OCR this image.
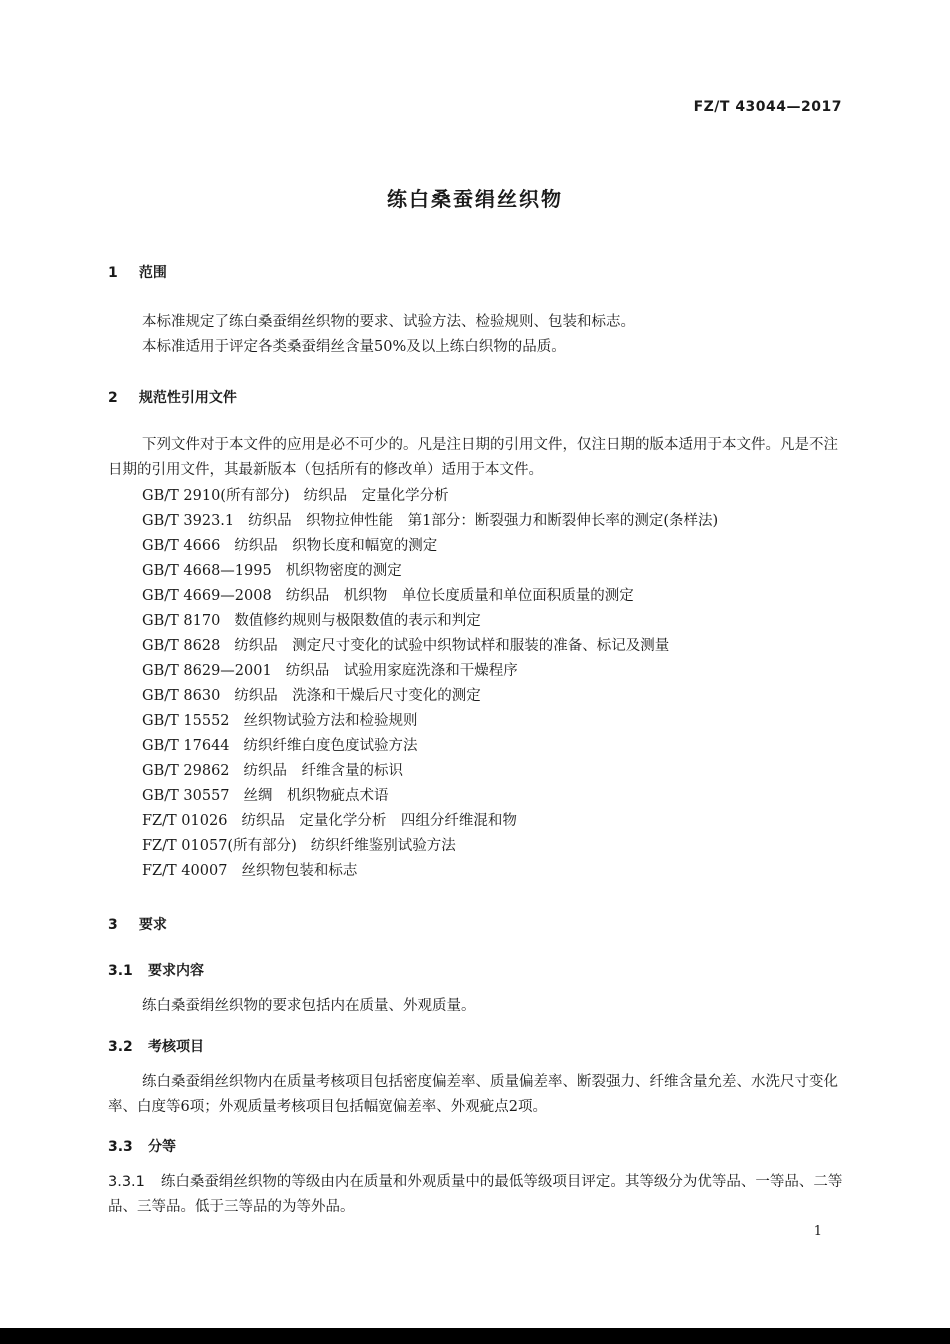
FZ/T 43044—2017

练白桑蚕绢丝织物
1 范围

本标准规定了练白桑蚕绢丝织物的要求、试验方法、检验规则、包装和标志。

本标准适用于评定各类桑蚕绢丝含量50%及以上练白织物的品质。

2 规范性引用文件

下列文件对于本文件的应用是必不可少的。凡是注日期的引用文件，仅注日期的版本适用于本文件。凡是不注日期的引用文件，其最新版本（包括所有的修改单）适用于本文件。

GB/T 2910(所有部分) 纺织品　定量化学分析

GB/T 3923.1 纺织品　织物拉伸性能　第1部分：断裂强力和断裂伸长率的测定(条样法)

GB/T 4666 纺织品　织物长度和幅宽的测定

GB/T 4668—1995 机织物密度的测定

GB/T 4669—2008 纺织品　机织物　单位长度质量和单位面积质量的测定

GB/T 8170 数值修约规则与极限数值的表示和判定

GB/T 8628 纺织品　测定尺寸变化的试验中织物试样和服装的准备、标记及测量

GB/T 8629—2001 纺织品　试验用家庭洗涤和干燥程序

GB/T 8630 纺织品　洗涤和干燥后尺寸变化的测定

GB/T 15552 丝织物试验方法和检验规则

GB/T 17644 纺织纤维白度色度试验方法

GB/T 29862 纺织品　纤维含量的标识

GB/T 30557 丝绸　机织物疵点术语

FZ/T 01026 纺织品　定量化学分析　四组分纤维混和物

FZ/T 01057(所有部分) 纺织纤维鉴别试验方法

FZ/T 40007 丝织物包装和标志

3 要求
3.1 要求内容

练白桑蚕绢丝织物的要求包括内在质量、外观质量。

3.2 考核项目

练白桑蚕绢丝织物内在质量考核项目包括密度偏差率、质量偏差率、断裂强力、纤维含量允差、水洗尺寸变化率、白度等6项；外观质量考核项目包括幅宽偏差率、外观疵点2项。

3.3 分等

3.3.1 练白桑蚕绢丝织物的等级由内在质量和外观质量中的最低等级项目评定。其等级分为优等品、一等品、二等品、三等品。低于三等品的为等外品。

1
